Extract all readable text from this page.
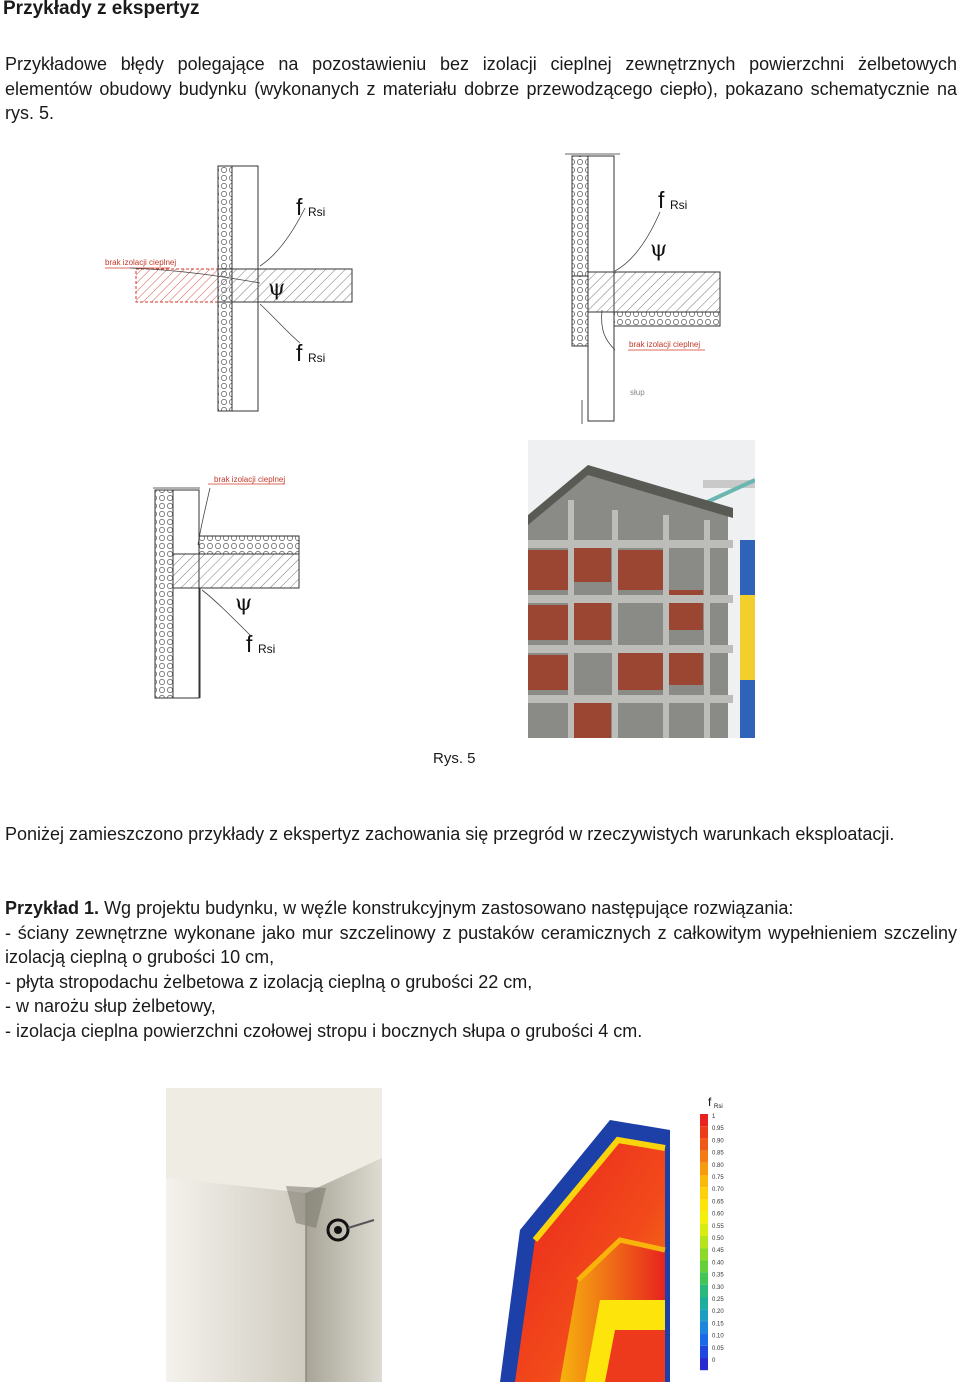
Przykłady z ekspertyz
Przykładowe błędy polegające na pozostawieniu bez izolacji cieplnej zewnętrznych powierzchni żelbetowych elementów obudowy budynku (wykonanych z materiału dobrze przewodzącego ciepło), pokazano schematycznie na rys. 5.
brak izolacji cieplnej
f Rsi
ψ
f Rsi
f Rsi
ψ
brak izolacji cieplnej
słup
brak izolacji cieplnej
ψ
f Rsi
Rys. 5
Poniżej zamieszczono przykłady z ekspertyz zachowania się przegród w rzeczywistych warunkach eksploatacji.
Przykład 1. Wg projektu budynku, w węźle konstrukcyjnym zastosowano następujące rozwiązania:
- ściany zewnętrzne wykonane jako mur szczelinowy z pustaków ceramicznych z całkowitym wypełnieniem szczeliny izolacją cieplną o grubości 10 cm,
- płyta stropodachu żelbetowa z izolacją cieplną o grubości 22 cm,
- w narożu słup żelbetowy,
- izolacja cieplna powierzchni czołowej stropu i bocznych słupa o grubości 4 cm.
f Rsi
1
0.95
0.90
0.85
0.80
0.75
0.70
0.65
0.60
0.55
0.50
0.45
0.40
0.35
0.30
0.25
0.20
0.15
0.10
0.05
0
